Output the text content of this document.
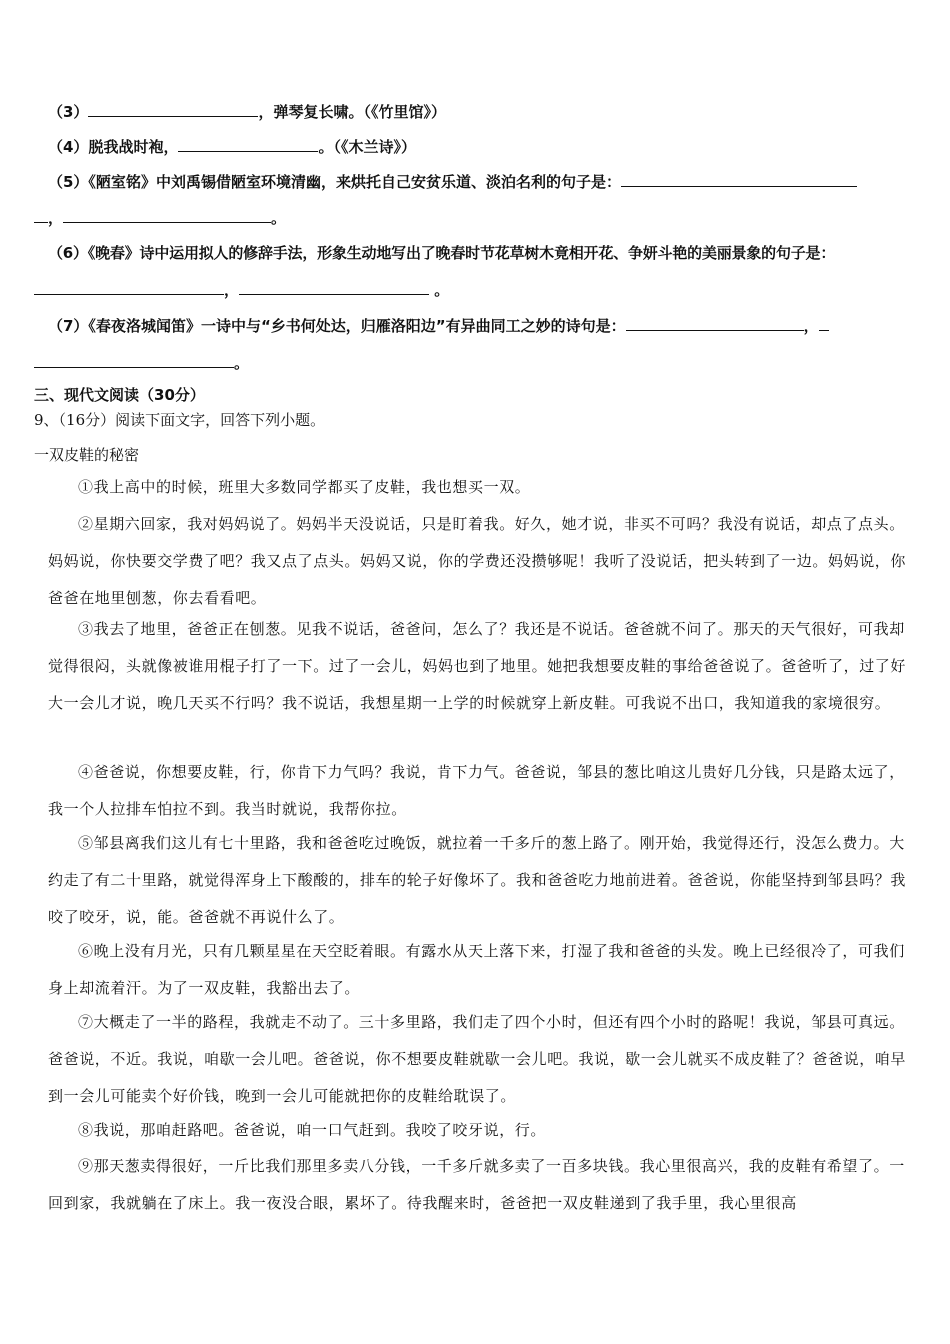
（3）	，弹琴复长啸。（《竹里馆》）
（4）脱我战时袍，	。（《木兰诗》）
（5）《陋室铭》中刘禹锡借陋室环境清幽，来烘托自己安贫乐道、淡泊名利的句子是：
，	。
（6）《晚春》诗中运用拟人的修辞手法，形象生动地写出了晚春时节花草树木竟相开花、争妍斗艳的美丽景象的句子是：
，	。
（7）《春夜洛城闻笛》一诗中与“乡书何处达，归雁洛阳边”有异曲同工之妙的诗句是：	，
。
三、现代文阅读（30分）
9、（16分）阅读下面文字，回答下列小题。
一双皮鞋的秘密
①我上高中的时候，班里大多数同学都买了皮鞋，我也想买一双。
②星期六回家，我对妈妈说了。妈妈半天没说话，只是盯着我。好久，她才说，非买不可吗？我没有说话，却点了点头。妈妈说，你快要交学费了吧？我又点了点头。妈妈又说，你的学费还没攒够呢！我听了没说话，把头转到了一边。妈妈说，你爸爸在地里刨葱，你去看看吧。
③我去了地里，爸爸正在刨葱。见我不说话，爸爸问，怎么了？我还是不说话。爸爸就不问了。那天的天气很好，可我却觉得很闷，头就像被谁用棍子打了一下。过了一会儿，妈妈也到了地里。她把我想要皮鞋的事给爸爸说了。爸爸听了，过了好大一会儿才说，晚几天买不行吗？我不说话，我想星期一上学的时候就穿上新皮鞋。可我说不出口，我知道我的家境很穷。
④爸爸说，你想要皮鞋，行，你肯下力气吗？我说，肯下力气。爸爸说，邹县的葱比咱这儿贵好几分钱，只是路太远了，我一个人拉排车怕拉不到。我当时就说，我帮你拉。
⑤邹县离我们这儿有七十里路，我和爸爸吃过晚饭，就拉着一千多斤的葱上路了。刚开始，我觉得还行，没怎么费力。大约走了有二十里路，就觉得浑身上下酸酸的，排车的轮子好像坏了。我和爸爸吃力地前进着。爸爸说，你能坚持到邹县吗？我咬了咬牙，说，能。爸爸就不再说什么了。
⑥晚上没有月光，只有几颗星星在天空眨着眼。有露水从天上落下来，打湿了我和爸爸的头发。晚上已经很冷了，可我们身上却流着汗。为了一双皮鞋，我豁出去了。
⑦大概走了一半的路程，我就走不动了。三十多里路，我们走了四个小时，但还有四个小时的路呢！我说，邹县可真远。爸爸说，不近。我说，咱歇一会儿吧。爸爸说，你不想要皮鞋就歇一会儿吧。我说，歇一会儿就买不成皮鞋了？爸爸说，咱早到一会儿可能卖个好价钱，晚到一会儿可能就把你的皮鞋给耽误了。
⑧我说，那咱赶路吧。爸爸说，咱一口气赶到。我咬了咬牙说，行。
⑨那天葱卖得很好，一斤比我们那里多卖八分钱，一千多斤就多卖了一百多块钱。我心里很高兴，我的皮鞋有希望了。一回到家，我就躺在了床上。我一夜没合眼，累坏了。待我醒来时，爸爸把一双皮鞋递到了我手里，我心里很高
